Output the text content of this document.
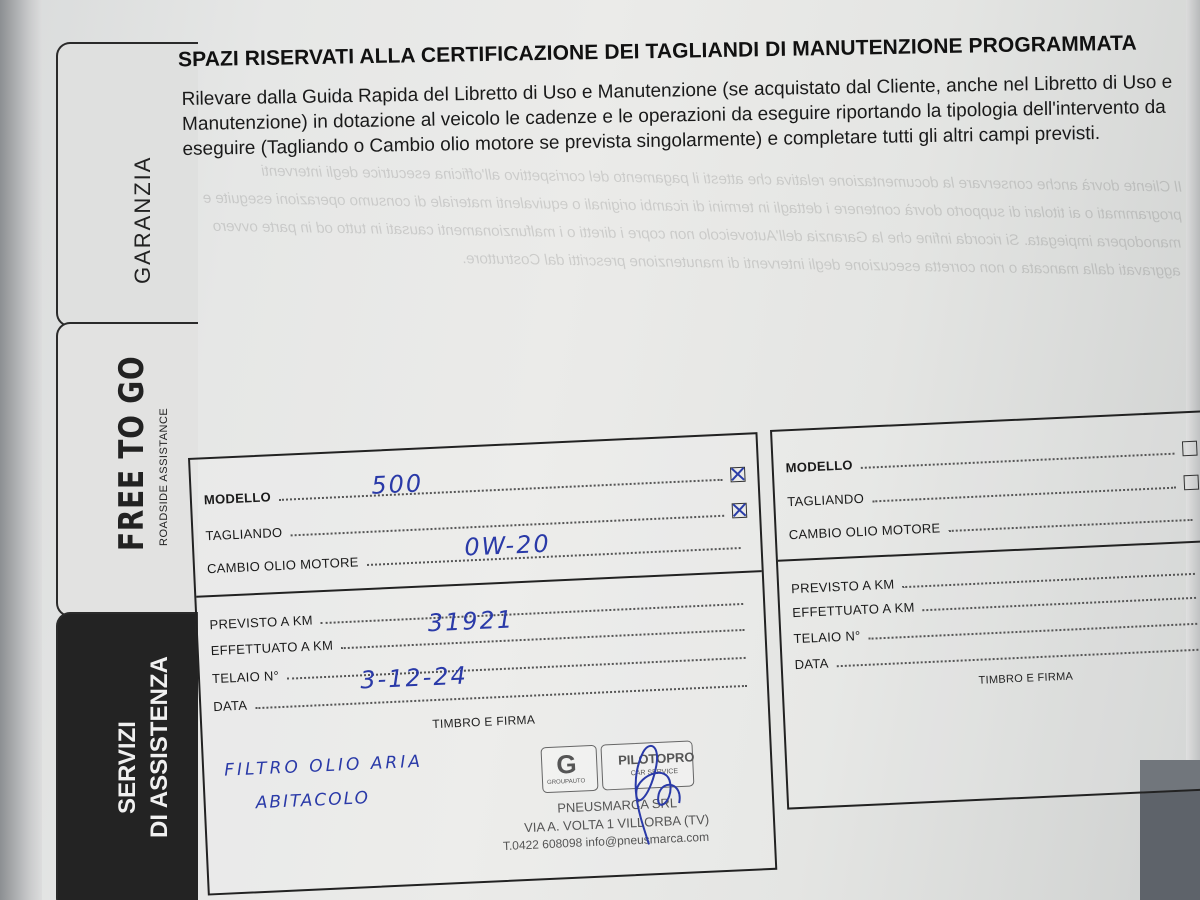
GARANZIA
FREE TO GO ROADSIDE ASSISTANCE
SERVIZI DI ASSISTENZA
SPAZI RISERVATI ALLA CERTIFICAZIONE DEI TAGLIANDI DI MANUTENZIONE PROGRAMMATA
Rilevare dalla Guida Rapida del Libretto di Uso e Manutenzione (se acquistato dal Cliente, anche nel Libretto di Uso e Manutenzione) in dotazione al veicolo le cadenze e le operazioni da eseguire riportando la tipologia dell'intervento da eseguire (Tagliando o Cambio olio motore se prevista singolarmente) e completare tutti gli altri campi previsti.
Il Cliente dovrà anche conservare la documentazione relativa che attesti il pagamento del corrispettivo all'officina esecutrice degli interventi programmati o ai titolari di supporto dovrà contenere i dettagli in termini di ricambi originali o equivalenti materiale di consumo operazioni eseguite e manodopera impiegata. Si ricorda infine che la Garanzia dell'Autoveicolo non copre i diretti o i malfunzionamenti causati in tutto od in parte ovvero aggravati dalla mancata o non corretta esecuzione degli interventi di manutenzione prescritti dal Costruttore.
MODELLO	500
TAGLIANDO
CAMBIO OLIO MOTORE
0W-20
PREVISTO A KM
EFFETTUATO A KM
31921
TELAIO N°
DATA
3-12-24
TIMBRO E FIRMA
FILTRO OLIO ARIA
ABITACOLO
G
GROUPAUTO
PILOTOPRO
CAR SERVICE
PNEUSMARCA SRL
VIA A. VOLTA 1 VILLORBA (TV)
T.0422 608098 info@pneusmarca.com
MODELLO
TAGLIANDO
CAMBIO OLIO MOTORE
PREVISTO A KM
EFFETTUATO A KM
TELAIO N°
DATA
TIMBRO E FIRMA
